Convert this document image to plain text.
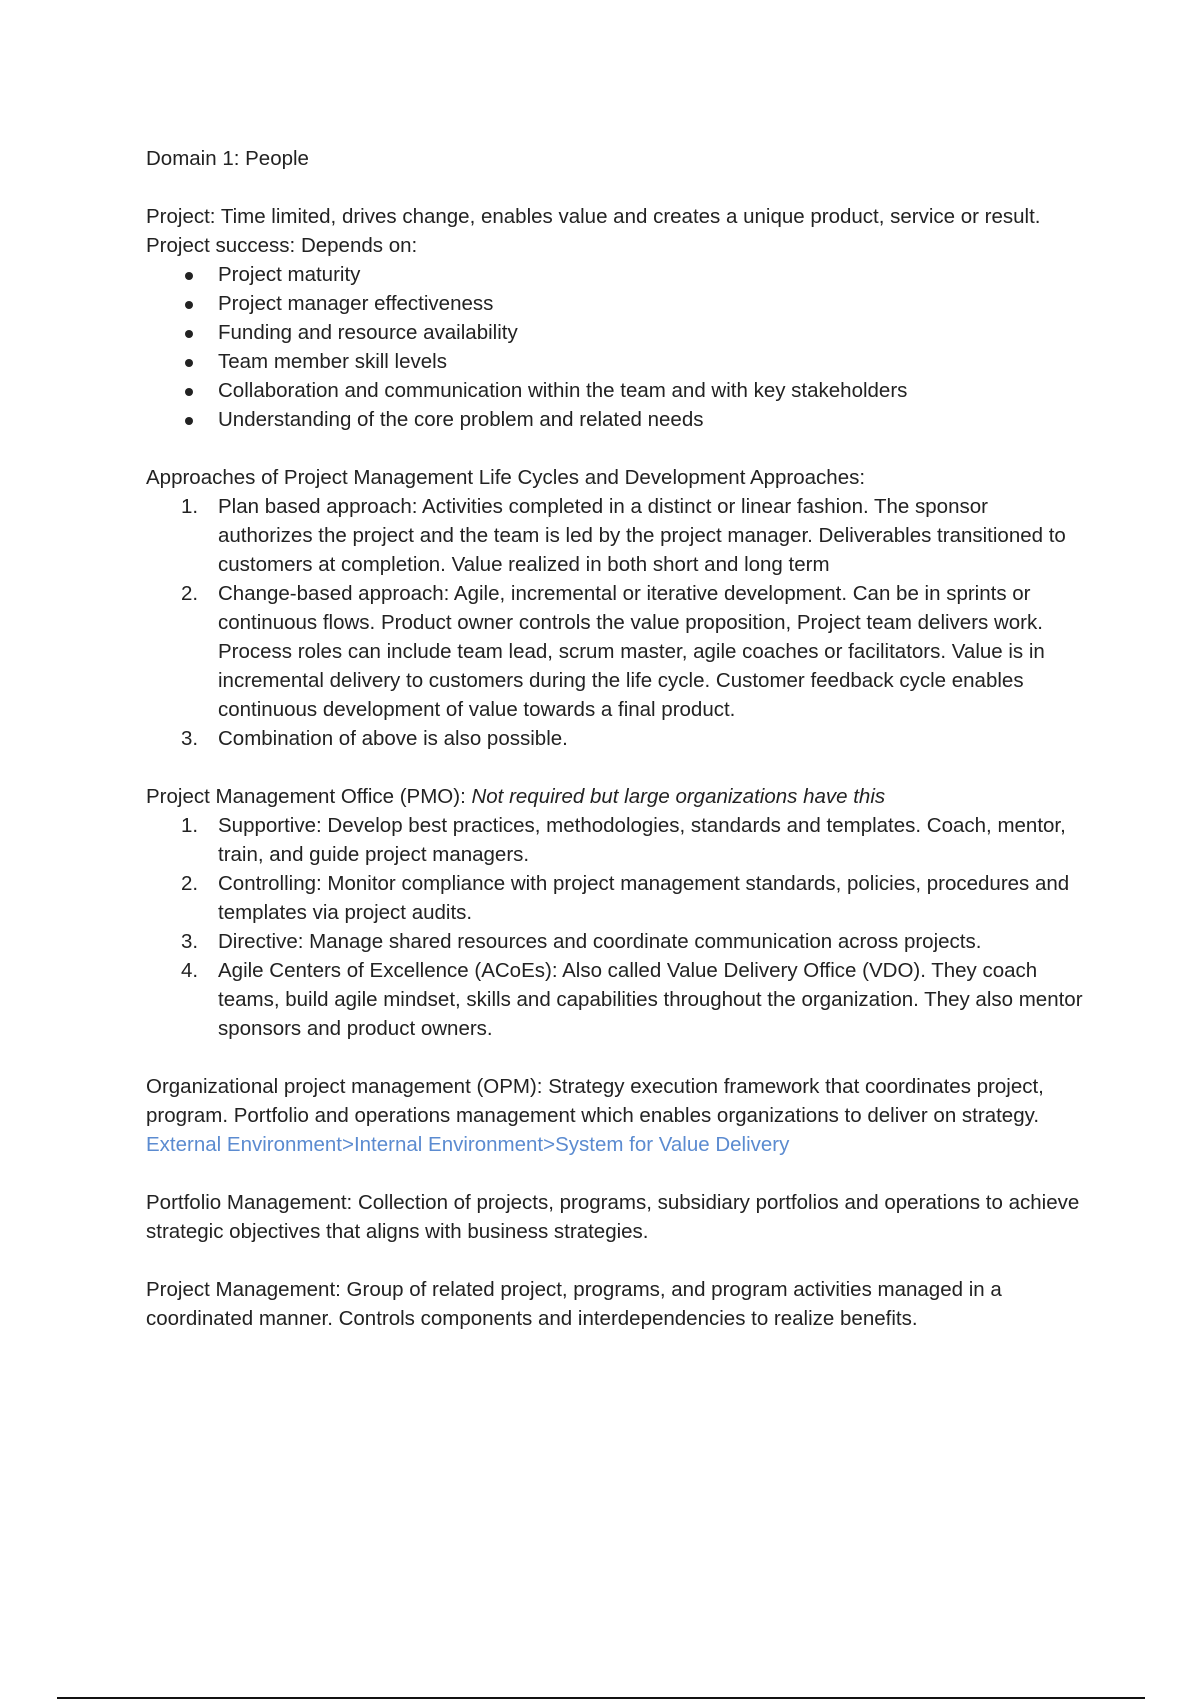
Domain 1: People

Project: Time limited, drives change, enables value and creates a unique product, service or result.

Project success: Depends on:

Project maturity
Project manager effectiveness
Funding and resource availability
Team member skill levels
Collaboration and communication within the team and with key stakeholders
Understanding of the core problem and related needs

Approaches of Project Management Life Cycles and Development Approaches:

1. Plan based approach: Activities completed in a distinct or linear fashion. The sponsor authorizes the project and the team is led by the project manager. Deliverables transitioned to customers at completion. Value realized in both short and long term
2. Change-based approach: Agile, incremental or iterative development. Can be in sprints or continuous flows. Product owner controls the value proposition, Project team delivers work. Process roles can include team lead, scrum master, agile coaches or facilitators. Value is in incremental delivery to customers during the life cycle. Customer feedback cycle enables continuous development of value towards a final product.
3. Combination of above is also possible.

Project Management Office (PMO): Not required but large organizations have this

1. Supportive: Develop best practices, methodologies, standards and templates. Coach, mentor, train, and guide project managers.
2. Controlling: Monitor compliance with project management standards, policies, procedures and templates via project audits.
3. Directive: Manage shared resources and coordinate communication across projects.
4. Agile Centers of Excellence (ACoEs): Also called Value Delivery Office (VDO). They coach teams, build agile mindset, skills and capabilities throughout the organization. They also mentor sponsors and product owners.

Organizational project management (OPM): Strategy execution framework that coordinates project, program. Portfolio and operations management which enables organizations to deliver on strategy. External Environment>Internal Environment>System for Value Delivery

Portfolio Management: Collection of projects, programs, subsidiary portfolios and operations to achieve strategic objectives that aligns with business strategies.

Project Management: Group of related project, programs, and program activities managed in a coordinated manner. Controls components and interdependencies to realize benefits.
